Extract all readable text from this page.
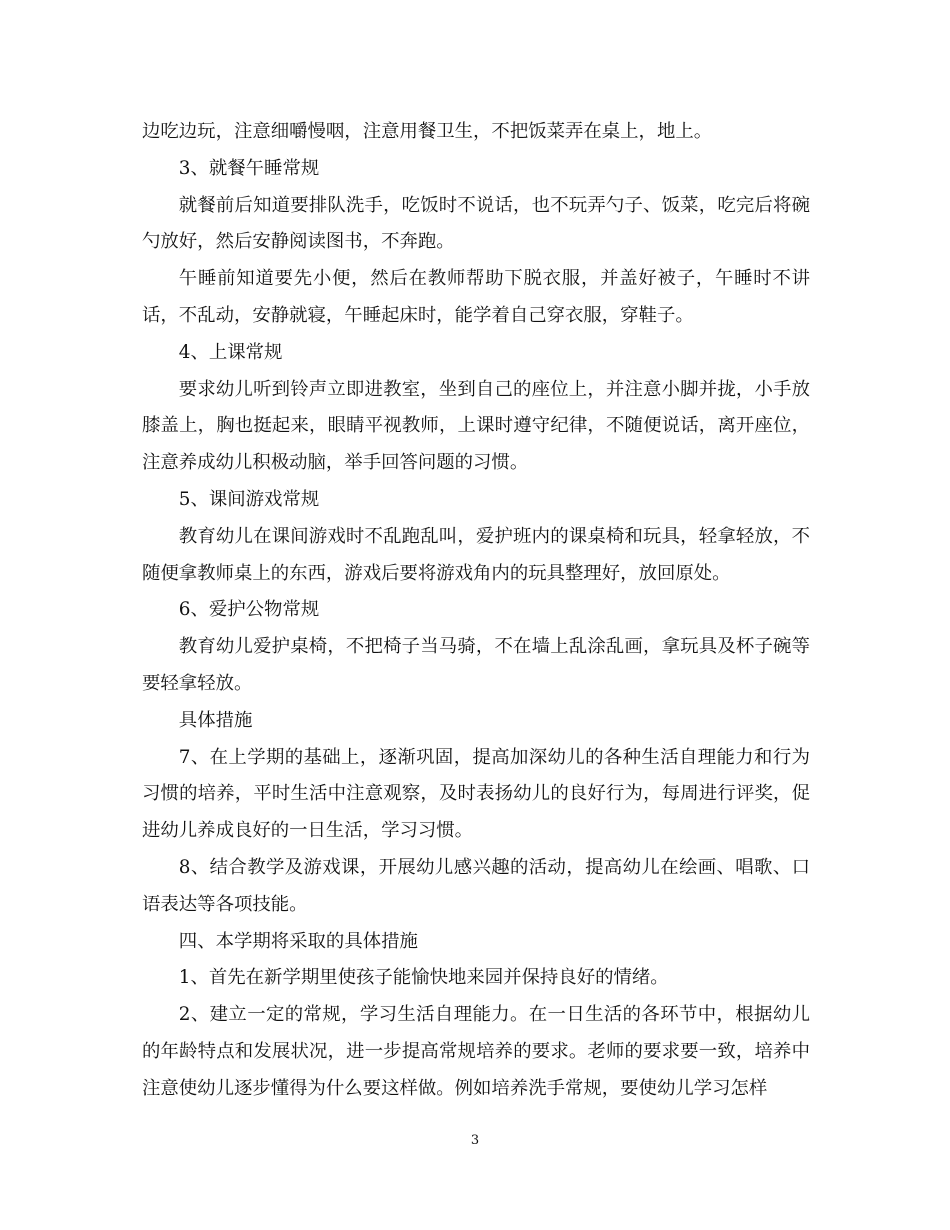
边吃边玩，注意细嚼慢咽，注意用餐卫生，不把饭菜弄在桌上，地上。

3、就餐午睡常规

就餐前后知道要排队洗手，吃饭时不说话，也不玩弄勺子、饭菜，吃完后将碗勺放好，然后安静阅读图书，不奔跑。

午睡前知道要先小便，然后在教师帮助下脱衣服，并盖好被子，午睡时不讲话，不乱动，安静就寝，午睡起床时，能学着自己穿衣服，穿鞋子。

4、上课常规

要求幼儿听到铃声立即进教室，坐到自己的座位上，并注意小脚并拢，小手放膝盖上，胸也挺起来，眼睛平视教师，上课时遵守纪律，不随便说话，离开座位，注意养成幼儿积极动脑，举手回答问题的习惯。

5、课间游戏常规

教育幼儿在课间游戏时不乱跑乱叫，爱护班内的课桌椅和玩具，轻拿轻放，不随便拿教师桌上的东西，游戏后要将游戏角内的玩具整理好，放回原处。

6、爱护公物常规

教育幼儿爱护桌椅，不把椅子当马骑，不在墙上乱涂乱画，拿玩具及杯子碗等要轻拿轻放。

具体措施

7、在上学期的基础上，逐渐巩固，提高加深幼儿的各种生活自理能力和行为习惯的培养，平时生活中注意观察，及时表扬幼儿的良好行为，每周进行评奖，促进幼儿养成良好的一日生活，学习习惯。

8、结合教学及游戏课，开展幼儿感兴趣的活动，提高幼儿在绘画、唱歌、口语表达等各项技能。

四、本学期将采取的具体措施

1、首先在新学期里使孩子能愉快地来园并保持良好的情绪。

2、建立一定的常规，学习生活自理能力。在一日生活的各环节中，根据幼儿的年龄特点和发展状况，进一步提高常规培养的要求。老师的要求要一致，培养中注意使幼儿逐步懂得为什么要这样做。例如培养洗手常规，要使幼儿学习怎样

3
